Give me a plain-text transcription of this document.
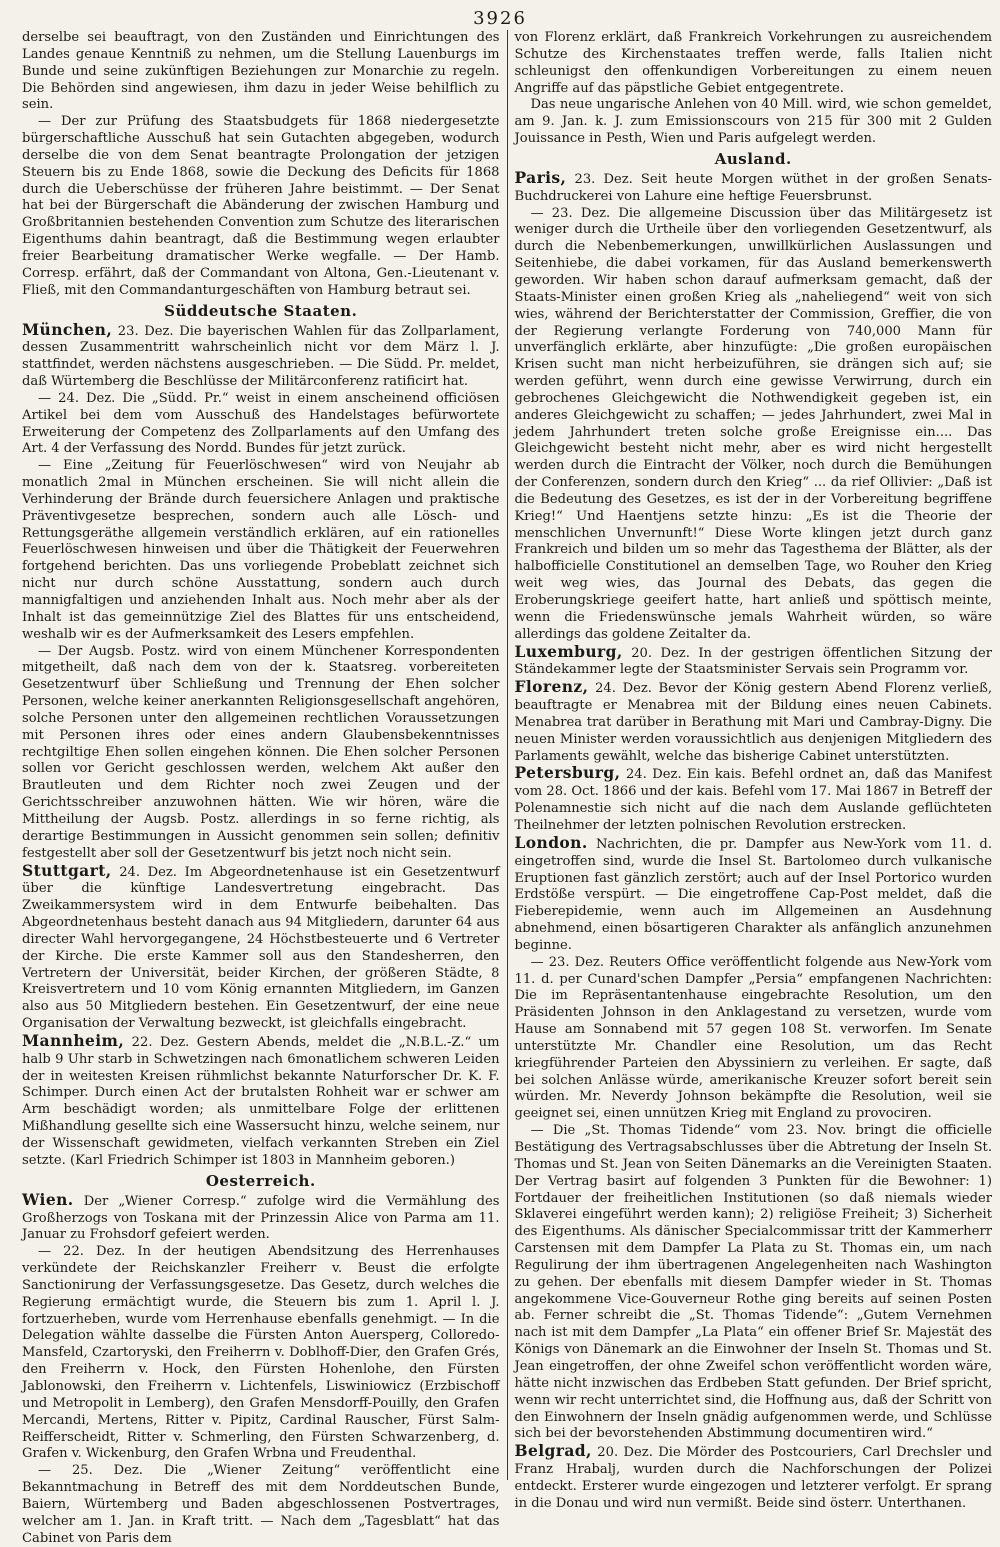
3926

derselbe sei beauftragt, von den Zuständen und Einrichtungen des Landes genaue Kenntniß zu nehmen, um die Stellung Lauenburgs im Bunde und seine zukünftigen Beziehungen zur Monarchie zu regeln. Die Behörden sind angewiesen, ihm dazu in jeder Weise behilflich zu sein.

— Der zur Prüfung des Staatsbudgets für 1868 niedergesetzte bürgerschaftliche Ausschuß hat sein Gutachten abgegeben, wodurch derselbe die von dem Senat beantragte Prolongation der jetzigen Steuern bis zu Ende 1868, sowie die Deckung des Deficits für 1868 durch die Ueberschüsse der früheren Jahre beistimmt. — Der Senat hat bei der Bürgerschaft die Abänderung der zwischen Hamburg und Großbritannien bestehenden Convention zum Schutze des literarischen Eigenthums dahin beantragt, daß die Bestimmung wegen erlaubter freier Bearbeitung dramatischer Werke wegfalle. — Der Hamb. Corresp. erfährt, daß der Commandant von Altona, Gen.-Lieutenant v. Fließ, mit den Commandanturgeschäften von Hamburg betraut sei.

Süddeutsche Staaten.

München, 23. Dez. Die bayerischen Wahlen für das Zollparlament, dessen Zusammentritt wahrscheinlich nicht vor dem März l. J. stattfindet, werden nächstens ausgeschrieben. — Die Südd. Pr. meldet, daß Würtemberg die Beschlüsse der Militärconferenz ratificirt hat.

— 24. Dez. Die „Südd. Pr.“ weist in einem anscheinend officiösen Artikel bei dem vom Ausschuß des Handelstages befürwortete Erweiterung der Competenz des Zollparlaments auf den Umfang des Art. 4 der Verfassung des Nordd. Bundes für jetzt zurück.

— Eine „Zeitung für Feuerlöschwesen“ wird von Neujahr ab monatlich 2mal in München erscheinen. Sie will nicht allein die Verhinderung der Brände durch feuersichere Anlagen und praktische Präventivgesetze besprechen, sondern auch alle Lösch- und Rettungsgeräthe allgemein verständlich erklären, auf ein rationelles Feuerlöschwesen hinweisen und über die Thätigkeit der Feuerwehren fortgehend berichten. Das uns vorliegende Probeblatt zeichnet sich nicht nur durch schöne Ausstattung, sondern auch durch mannigfaltigen und anziehenden Inhalt aus. Noch mehr aber als der Inhalt ist das gemeinnützige Ziel des Blattes für uns entscheidend, weshalb wir es der Aufmerksamkeit des Lesers empfehlen.

— Der Augsb. Postz. wird von einem Münchener Korrespondenten mitgetheilt, daß nach dem von der k. Staatsreg. vorbereiteten Gesetzentwurf über Schließung und Trennung der Ehen solcher Personen, welche keiner anerkannten Religionsgesellschaft angehören, solche Personen unter den allgemeinen rechtlichen Voraussetzungen mit Personen ihres oder eines andern Glaubensbekenntnisses rechtgiltige Ehen sollen eingehen können. Die Ehen solcher Personen sollen vor Gericht geschlossen werden, welchem Akt außer den Brautleuten und dem Richter noch zwei Zeugen und der Gerichtsschreiber anzuwohnen hätten. Wie wir hören, wäre die Mittheilung der Augsb. Postz. allerdings in so ferne richtig, als derartige Bestimmungen in Aussicht genommen sein sollen; definitiv festgestellt aber soll der Gesetzentwurf bis jetzt noch nicht sein.

Stuttgart, 24. Dez. Im Abgeordnetenhause ist ein Gesetzentwurf über die künftige Landesvertretung eingebracht. Das Zweikammersystem wird in dem Entwurfe beibehalten. Das Abgeordnetenhaus besteht danach aus 94 Mitgliedern, darunter 64 aus directer Wahl hervorgegangene, 24 Höchstbesteuerte und 6 Vertreter der Kirche. Die erste Kammer soll aus den Standesherren, den Vertretern der Universität, beider Kirchen, der größeren Städte, 8 Kreisvertretern und 10 vom König ernannten Mitgliedern, im Ganzen also aus 50 Mitgliedern bestehen. Ein Gesetzentwurf, der eine neue Organisation der Verwaltung bezweckt, ist gleichfalls eingebracht.

Mannheim, 22. Dez. Gestern Abends, meldet die „N.B.L.-Z.“ um halb 9 Uhr starb in Schwetzingen nach 6monatlichem schweren Leiden der in weitesten Kreisen rühmlichst bekannte Naturforscher Dr. K. F. Schimper. Durch einen Act der brutalsten Rohheit war er schwer am Arm beschädigt worden; als unmittelbare Folge der erlittenen Mißhandlung gesellte sich eine Wassersucht hinzu, welche seinem, nur der Wissenschaft gewidmeten, vielfach verkannten Streben ein Ziel setzte. (Karl Friedrich Schimper ist 1803 in Mannheim geboren.)

Oesterreich.

Wien. Der „Wiener Corresp.“ zufolge wird die Vermählung des Großherzogs von Toskana mit der Prinzessin Alice von Parma am 11. Januar zu Frohsdorf gefeiert werden.

— 22. Dez. In der heutigen Abendsitzung des Herrenhauses verkündete der Reichskanzler Freiherr v. Beust die erfolgte Sanctionirung der Verfassungsgesetze. Das Gesetz, durch welches die Regierung ermächtigt wurde, die Steuern bis zum 1. April l. J. fortzuerheben, wurde vom Herrenhause ebenfalls genehmigt. — In die Delegation wählte dasselbe die Fürsten Anton Auersperg, Colloredo-Mansfeld, Czartoryski, den Freiherrn v. Doblhoff-Dier, den Grafen Grés, den Freiherrn v. Hock, den Fürsten Hohenlohe, den Fürsten Jablonowski, den Freiherrn v. Lichtenfels, Liswiniowicz (Erzbischoff und Metropolit in Lemberg), den Grafen Mensdorff-Pouilly, den Grafen Mercandi, Mertens, Ritter v. Pipitz, Cardinal Rauscher, Fürst Salm-Reifferscheidt, Ritter v. Schmerling, den Fürsten Schwarzenberg, d. Grafen v. Wickenburg, den Grafen Wrbna und Freudenthal.

— 25. Dez. Die „Wiener Zeitung“ veröffentlicht eine Bekanntmachung in Betreff des mit dem Norddeutschen Bunde, Baiern, Würtemberg und Baden abgeschlossenen Postvertrages, welcher am 1. Jan. in Kraft tritt. — Nach dem „Tagesblatt“ hat das Cabinet von Paris dem

von Florenz erklärt, daß Frankreich Vorkehrungen zu ausreichendem Schutze des Kirchenstaates treffen werde, falls Italien nicht schleunigst den offenkundigen Vorbereitungen zu einem neuen Angriffe auf das päpstliche Gebiet entgegentrete.

Das neue ungarische Anlehen von 40 Mill. wird, wie schon gemeldet, am 9. Jan. k. J. zum Emissionscours von 215 für 300 mit 2 Gulden Jouissance in Pesth, Wien und Paris aufgelegt werden.

Ausland.

Paris, 23. Dez. Seit heute Morgen wüthet in der großen Senats-Buchdruckerei von Lahure eine heftige Feuersbrunst.

— 23. Dez. Die allgemeine Discussion über das Militärgesetz ist weniger durch die Urtheile über den vorliegenden Gesetzentwurf, als durch die Nebenbemerkungen, unwillkürlichen Auslassungen und Seitenhiebe, die dabei vorkamen, für das Ausland bemerkenswerth geworden. Wir haben schon darauf aufmerksam gemacht, daß der Staats-Minister einen großen Krieg als „naheliegend“ weit von sich wies, während der Berichterstatter der Commission, Greffier, die von der Regierung verlangte Forderung von 740,000 Mann für unverfänglich erklärte, aber hinzufügte: „Die großen europäischen Krisen sucht man nicht herbeizuführen, sie drängen sich auf; sie werden geführt, wenn durch eine gewisse Verwirrung, durch ein gebrochenes Gleichgewicht die Nothwendigkeit gegeben ist, ein anderes Gleichgewicht zu schaffen; — jedes Jahrhundert, zwei Mal in jedem Jahrhundert treten solche große Ereignisse ein.... Das Gleichgewicht besteht nicht mehr, aber es wird nicht hergestellt werden durch die Eintracht der Völker, noch durch die Bemühungen der Conferenzen, sondern durch den Krieg“ ... da rief Ollivier: „Daß ist die Bedeutung des Gesetzes, es ist der in der Vorbereitung begriffene Krieg!“ Und Haentjens setzte hinzu: „Es ist die Theorie der menschlichen Unvernunft!“ Diese Worte klingen jetzt durch ganz Frankreich und bilden um so mehr das Tagesthema der Blätter, als der halbofficielle Constitutionel an demselben Tage, wo Rouher den Krieg weit weg wies, das Journal des Debats, das gegen die Eroberungskriege geeifert hatte, hart anließ und spöttisch meinte, wenn die Friedenswünsche jemals Wahrheit würden, so wäre allerdings das goldene Zeitalter da.

Luxemburg, 20. Dez. In der gestrigen öffentlichen Sitzung der Ständekammer legte der Staatsminister Servais sein Programm vor.

Florenz, 24. Dez. Bevor der König gestern Abend Florenz verließ, beauftragte er Menabrea mit der Bildung eines neuen Cabinets. Menabrea trat darüber in Berathung mit Mari und Cambray-Digny. Die neuen Minister werden voraussichtlich aus denjenigen Mitgliedern des Parlaments gewählt, welche das bisherige Cabinet unterstützten.

Petersburg, 24. Dez. Ein kais. Befehl ordnet an, daß das Manifest vom 28. Oct. 1866 und der kais. Befehl vom 17. Mai 1867 in Betreff der Polenamnestie sich nicht auf die nach dem Auslande geflüchteten Theilnehmer der letzten polnischen Revolution erstrecken.

London. Nachrichten, die pr. Dampfer aus New-York vom 11. d. eingetroffen sind, wurde die Insel St. Bartolomeo durch vulkanische Eruptionen fast gänzlich zerstört; auch auf der Insel Portorico wurden Erdstöße verspürt. — Die eingetroffene Cap-Post meldet, daß die Fieberepidemie, wenn auch im Allgemeinen an Ausdehnung abnehmend, einen bösartigeren Charakter als anfänglich anzunehmen beginne.

— 23. Dez. Reuters Office veröffentlicht folgende aus New-York vom 11. d. per Cunard'schen Dampfer „Persia“ empfangenen Nachrichten: Die im Repräsentantenhause eingebrachte Resolution, um den Präsidenten Johnson in den Anklagestand zu versetzen, wurde vom Hause am Sonnabend mit 57 gegen 108 St. verworfen. Im Senate unterstützte Mr. Chandler eine Resolution, um das Recht kriegführender Parteien den Abyssiniern zu verleihen. Er sagte, daß bei solchen Anlässe würde, amerikanische Kreuzer sofort bereit sein würden. Mr. Neverdy Johnson bekämpfte die Resolution, weil sie geeignet sei, einen unnützen Krieg mit England zu provociren.

— Die „St. Thomas Tidende“ vom 23. Nov. bringt die officielle Bestätigung des Vertragsabschlusses über die Abtretung der Inseln St. Thomas und St. Jean von Seiten Dänemarks an die Vereinigten Staaten. Der Vertrag basirt auf folgenden 3 Punkten für die Bewohner: 1) Fortdauer der freiheitlichen Institutionen (so daß niemals wieder Sklaverei eingeführt werden kann); 2) religiöse Freiheit; 3) Sicherheit des Eigenthums. Als dänischer Specialcommissar tritt der Kammerherr Carstensen mit dem Dampfer La Plata zu St. Thomas ein, um nach Regulirung der ihm übertragenen Angelegenheiten nach Washington zu gehen. Der ebenfalls mit diesem Dampfer wieder in St. Thomas angekommene Vice-Gouverneur Rothe ging bereits auf seinen Posten ab. Ferner schreibt die „St. Thomas Tidende“: „Gutem Vernehmen nach ist mit dem Dampfer „La Plata“ ein offener Brief Sr. Majestät des Königs von Dänemark an die Einwohner der Inseln St. Thomas und St. Jean eingetroffen, der ohne Zweifel schon veröffentlicht worden wäre, hätte nicht inzwischen das Erdbeben Statt gefunden. Der Brief spricht, wenn wir recht unterrichtet sind, die Hoffnung aus, daß der Schritt von den Einwohnern der Inseln gnädig aufgenommen werde, und Schlüsse sich bei der bevorstehenden Abstimmung documentiren wird.“

Belgrad, 20. Dez. Die Mörder des Postcouriers, Carl Drechsler und Franz Hrabalj, wurden durch die Nachforschungen der Polizei entdeckt. Ersterer wurde eingezogen und letzterer verfolgt. Er sprang in die Donau und wird nun vermißt. Beide sind österr. Unterthanen.
